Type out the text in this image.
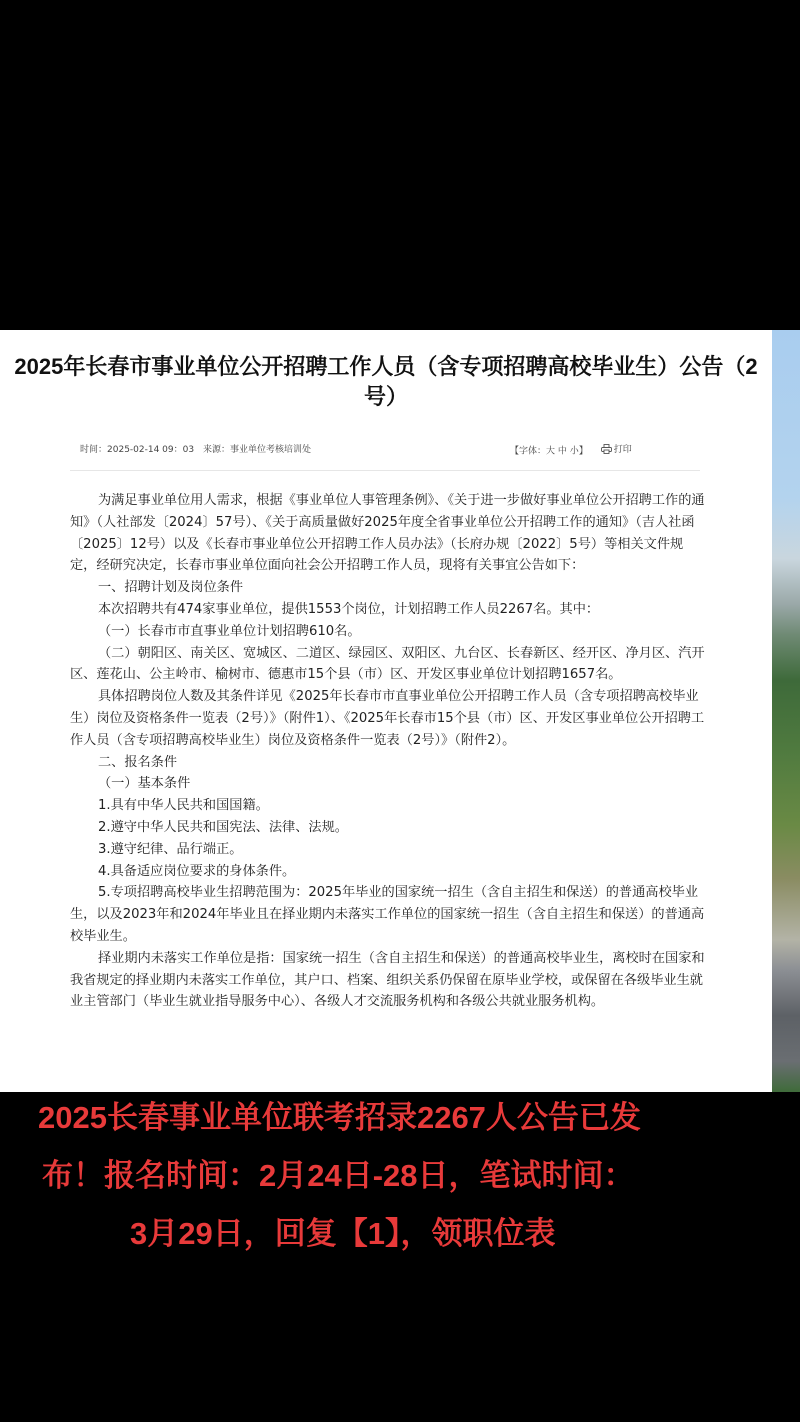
2025年长春市事业单位公开招聘工作人员（含专项招聘高校毕业生）公告（2号）
时间：2025-02-14 09：03 来源：事业单位考核培训处	【字体：大 中 小】	打印

为满足事业单位用人需求，根据《事业单位人事管理条例》、《关于进一步做好事业单位公开招聘工作的通知》（人社部发〔2024〕57号）、《关于高质量做好2025年度全省事业单位公开招聘工作的通知》（吉人社函〔2025〕12号）以及《长春市事业单位公开招聘工作人员办法》（长府办规〔2022〕5号）等相关文件规定，经研究决定，长春市事业单位面向社会公开招聘工作人员，现将有关事宜公告如下：

一、招聘计划及岗位条件

本次招聘共有474家事业单位，提供1553个岗位，计划招聘工作人员2267名。其中：

（一）长春市市直事业单位计划招聘610名。

（二）朝阳区、南关区、宽城区、二道区、绿园区、双阳区、九台区、长春新区、经开区、净月区、汽开区、莲花山、公主岭市、榆树市、德惠市15个县（市）区、开发区事业单位计划招聘1657名。

具体招聘岗位人数及其条件详见《2025年长春市市直事业单位公开招聘工作人员（含专项招聘高校毕业生）岗位及资格条件一览表（2号）》（附件1）、《2025年长春市15个县（市）区、开发区事业单位公开招聘工作人员（含专项招聘高校毕业生）岗位及资格条件一览表（2号）》（附件2）。

二、报名条件

（一）基本条件

1.具有中华人民共和国国籍。

2.遵守中华人民共和国宪法、法律、法规。

3.遵守纪律、品行端正。

4.具备适应岗位要求的身体条件。

5.专项招聘高校毕业生招聘范围为：2025年毕业的国家统一招生（含自主招生和保送）的普通高校毕业生，以及2023年和2024年毕业且在择业期内未落实工作单位的国家统一招生（含自主招生和保送）的普通高校毕业生。

择业期内未落实工作单位是指：国家统一招生（含自主招生和保送）的普通高校毕业生，离校时在国家和我省规定的择业期内未落实工作单位，其户口、档案、组织关系仍保留在原毕业学校，或保留在各级毕业生就业主管部门（毕业生就业指导服务中心）、各级人才交流服务机构和各级公共就业服务机构。

2025长春事业单位联考招录2267人公告已发
布！报名时间：2月24日-28日，笔试时间：
3月29日，回复【1】，领职位表
